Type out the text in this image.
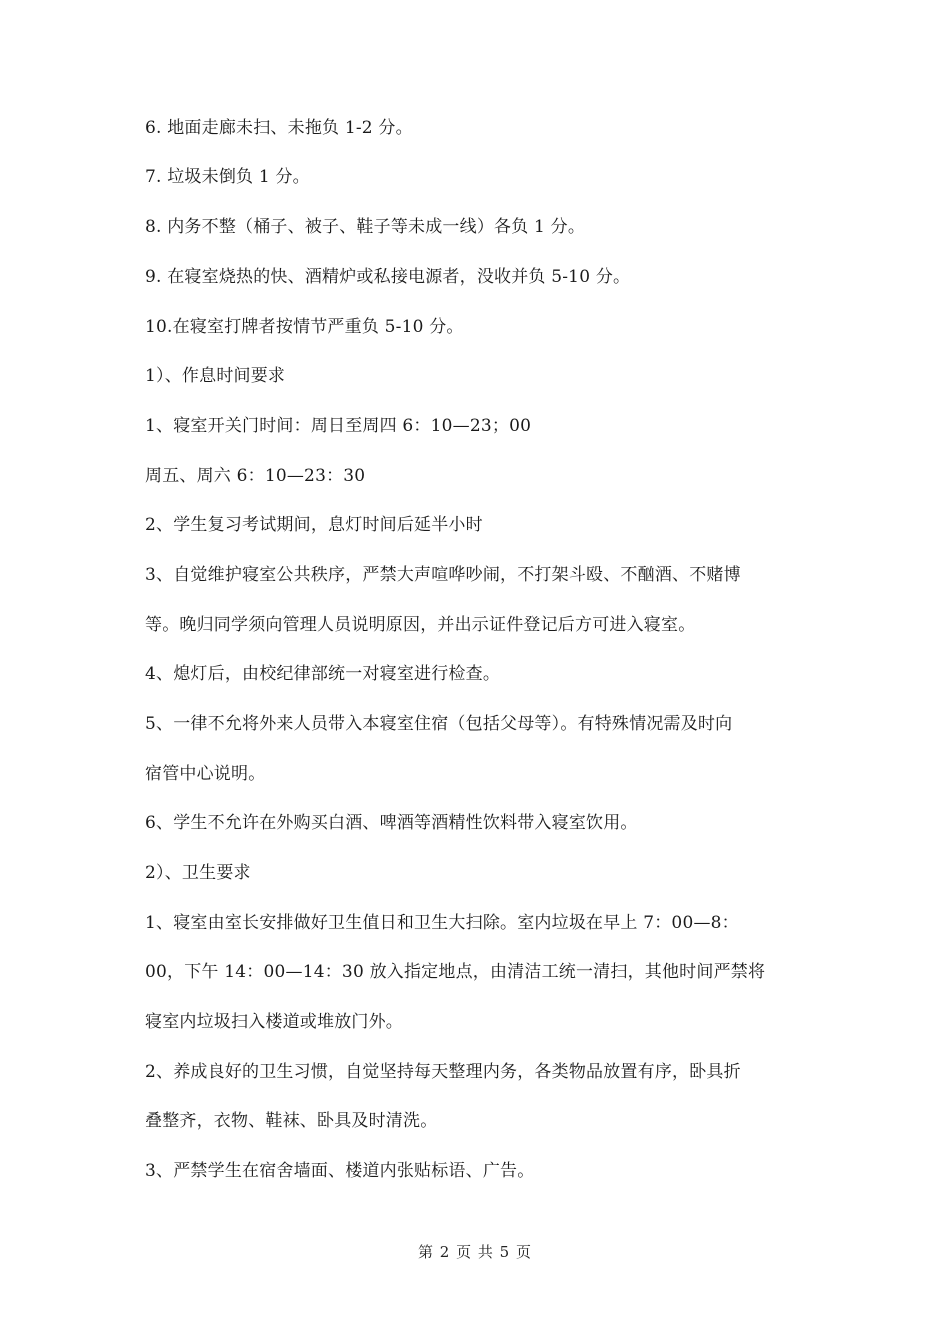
6. 地面走廊未扫、未拖负 1-2 分。
7. 垃圾未倒负 1 分。
8. 内务不整（桶子、被子、鞋子等未成一线）各负 1 分。
9. 在寝室烧热的快、酒精炉或私接电源者，没收并负 5-10 分。
10.在寝室打牌者按情节严重负 5-10 分。
1）、作息时间要求
1、寝室开关门时间：周日至周四 6：10—23；00
周五、周六 6：10—23：30
2、学生复习考试期间，息灯时间后延半小时
3、自觉维护寝室公共秩序，严禁大声喧哗吵闹，不打架斗殴、不酗酒、不赌博
等。晚归同学须向管理人员说明原因，并出示证件登记后方可进入寝室。
4、熄灯后，由校纪律部统一对寝室进行检查。
5、一律不允将外来人员带入本寝室住宿（包括父母等）。有特殊情况需及时向
宿管中心说明。
6、学生不允许在外购买白酒、啤酒等酒精性饮料带入寝室饮用。
2）、卫生要求
1、寝室由室长安排做好卫生值日和卫生大扫除。室内垃圾在早上 7：00—8：
00，下午 14：00—14：30 放入指定地点，由清洁工统一清扫，其他时间严禁将
寝室内垃圾扫入楼道或堆放门外。
2、养成良好的卫生习惯，自觉坚持每天整理内务，各类物品放置有序，卧具折
叠整齐，衣物、鞋袜、卧具及时清洗。
3、严禁学生在宿舍墙面、楼道内张贴标语、广告。
第 2 页 共 5 页
